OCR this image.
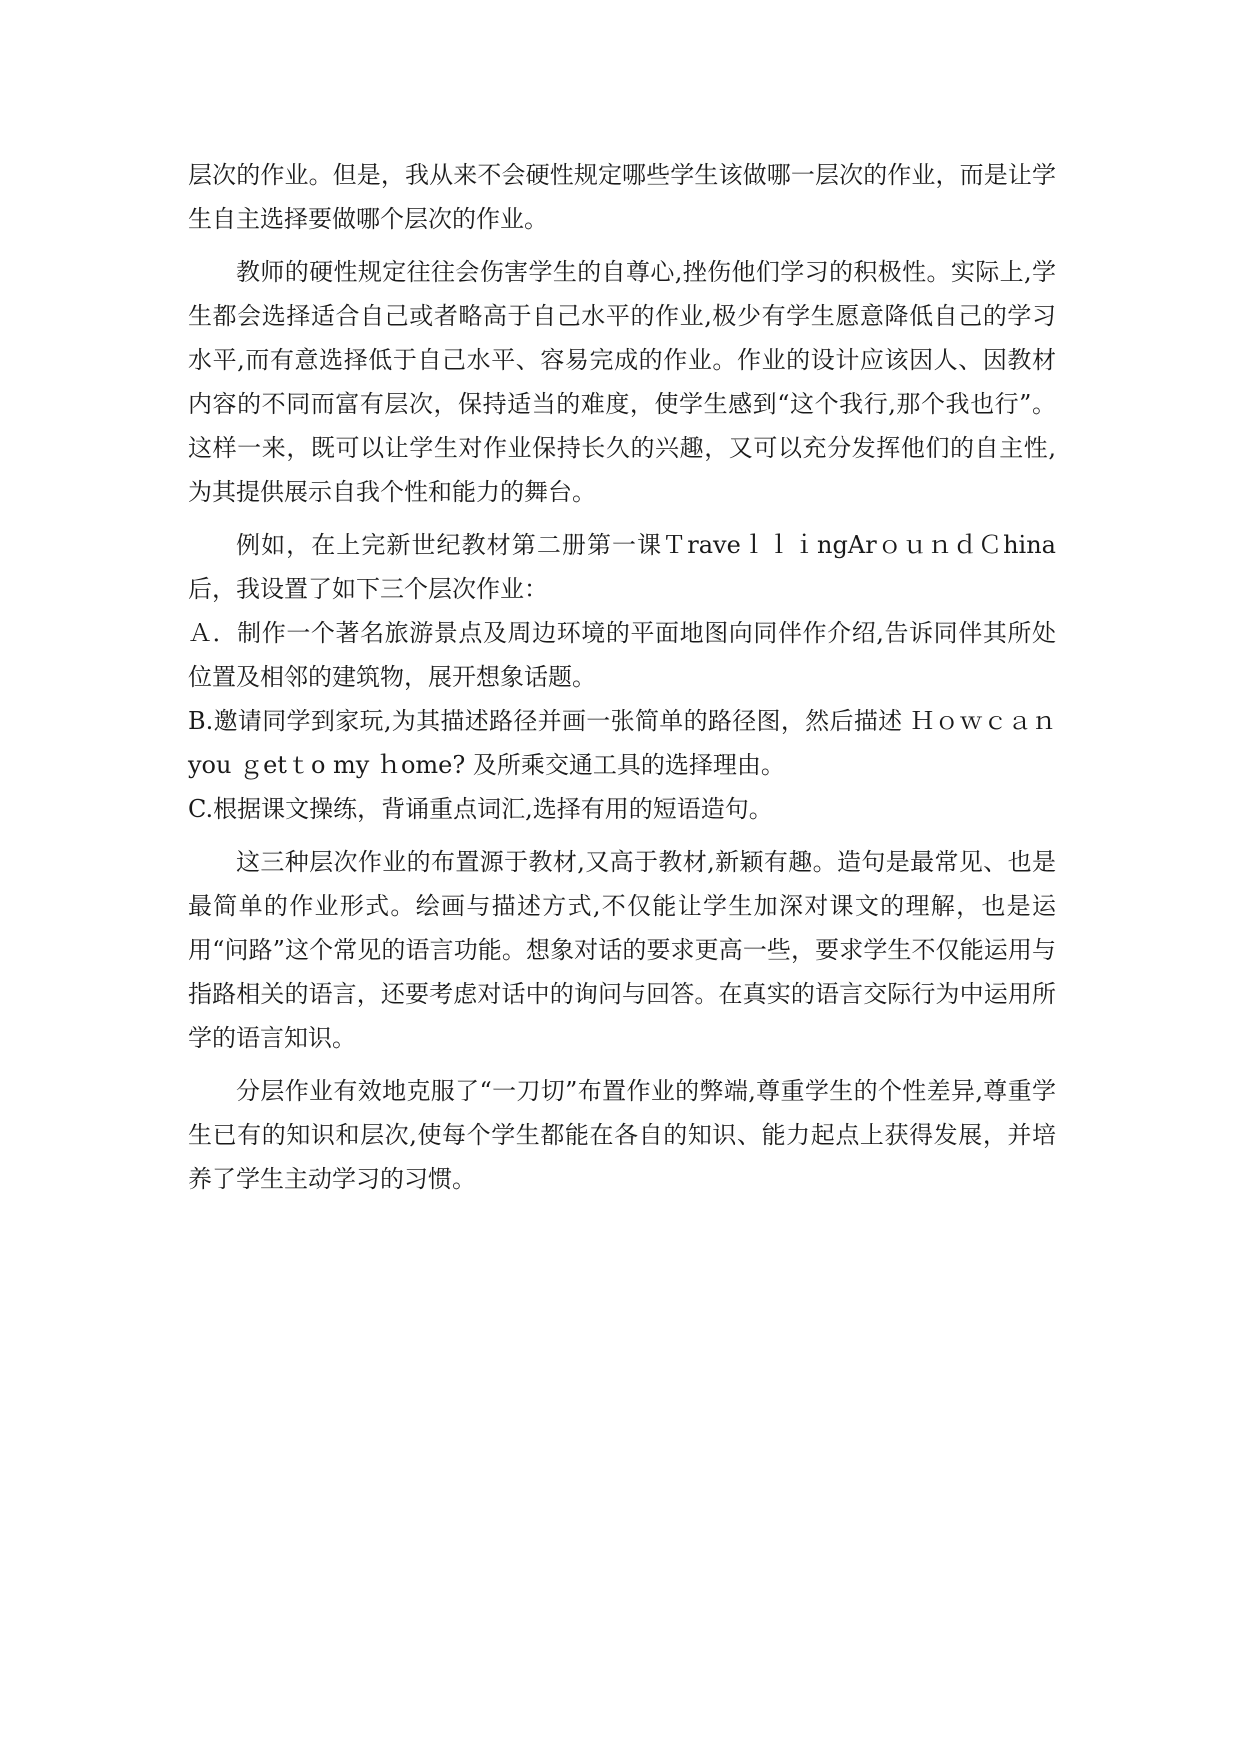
层次的作业。但是，我从来不会硬性规定哪些学生该做哪一层次的作业，而是让学生自主选择要做哪个层次的作业。

教师的硬性规定往往会伤害学生的自尊心,挫伤他们学习的积极性。实际上,学生都会选择适合自己或者略高于自己水平的作业,极少有学生愿意降低自己的学习水平,而有意选择低于自己水平、容易完成的作业。作业的设计应该因人、因教材内容的不同而富有层次，保持适当的难度，使学生感到“这个我行,那个我也行”。这样一来，既可以让学生对作业保持长久的兴趣，又可以充分发挥他们的自主性,为其提供展示自我个性和能力的舞台。

例如，在上完新世纪教材第二册第一课ＴraveｌｌｉngArｏｕｎｄＣhina后，我设置了如下三个层次作业：

Ａ．制作一个著名旅游景点及周边环境的平面地图向同伴作介绍,告诉同伴其所处位置及相邻的建筑物，展开想象话题。

B.邀请同学到家玩,为其描述路径并画一张简单的路径图，然后描述 Ｈｏｗｃａｎ you ｇetｔo my ｈome? 及所乘交通工具的选择理由。

C.根据课文操练，背诵重点词汇,选择有用的短语造句。

这三种层次作业的布置源于教材,又高于教材,新颖有趣。造句是最常见、也是最简单的作业形式。绘画与描述方式,不仅能让学生加深对课文的理解，也是运用“问路”这个常见的语言功能。想象对话的要求更高一些，要求学生不仅能运用与指路相关的语言，还要考虑对话中的询问与回答。在真实的语言交际行为中运用所学的语言知识。

分层作业有效地克服了“一刀切”布置作业的弊端,尊重学生的个性差异,尊重学生已有的知识和层次,使每个学生都能在各自的知识、能力起点上获得发展，并培养了学生主动学习的习惯。
